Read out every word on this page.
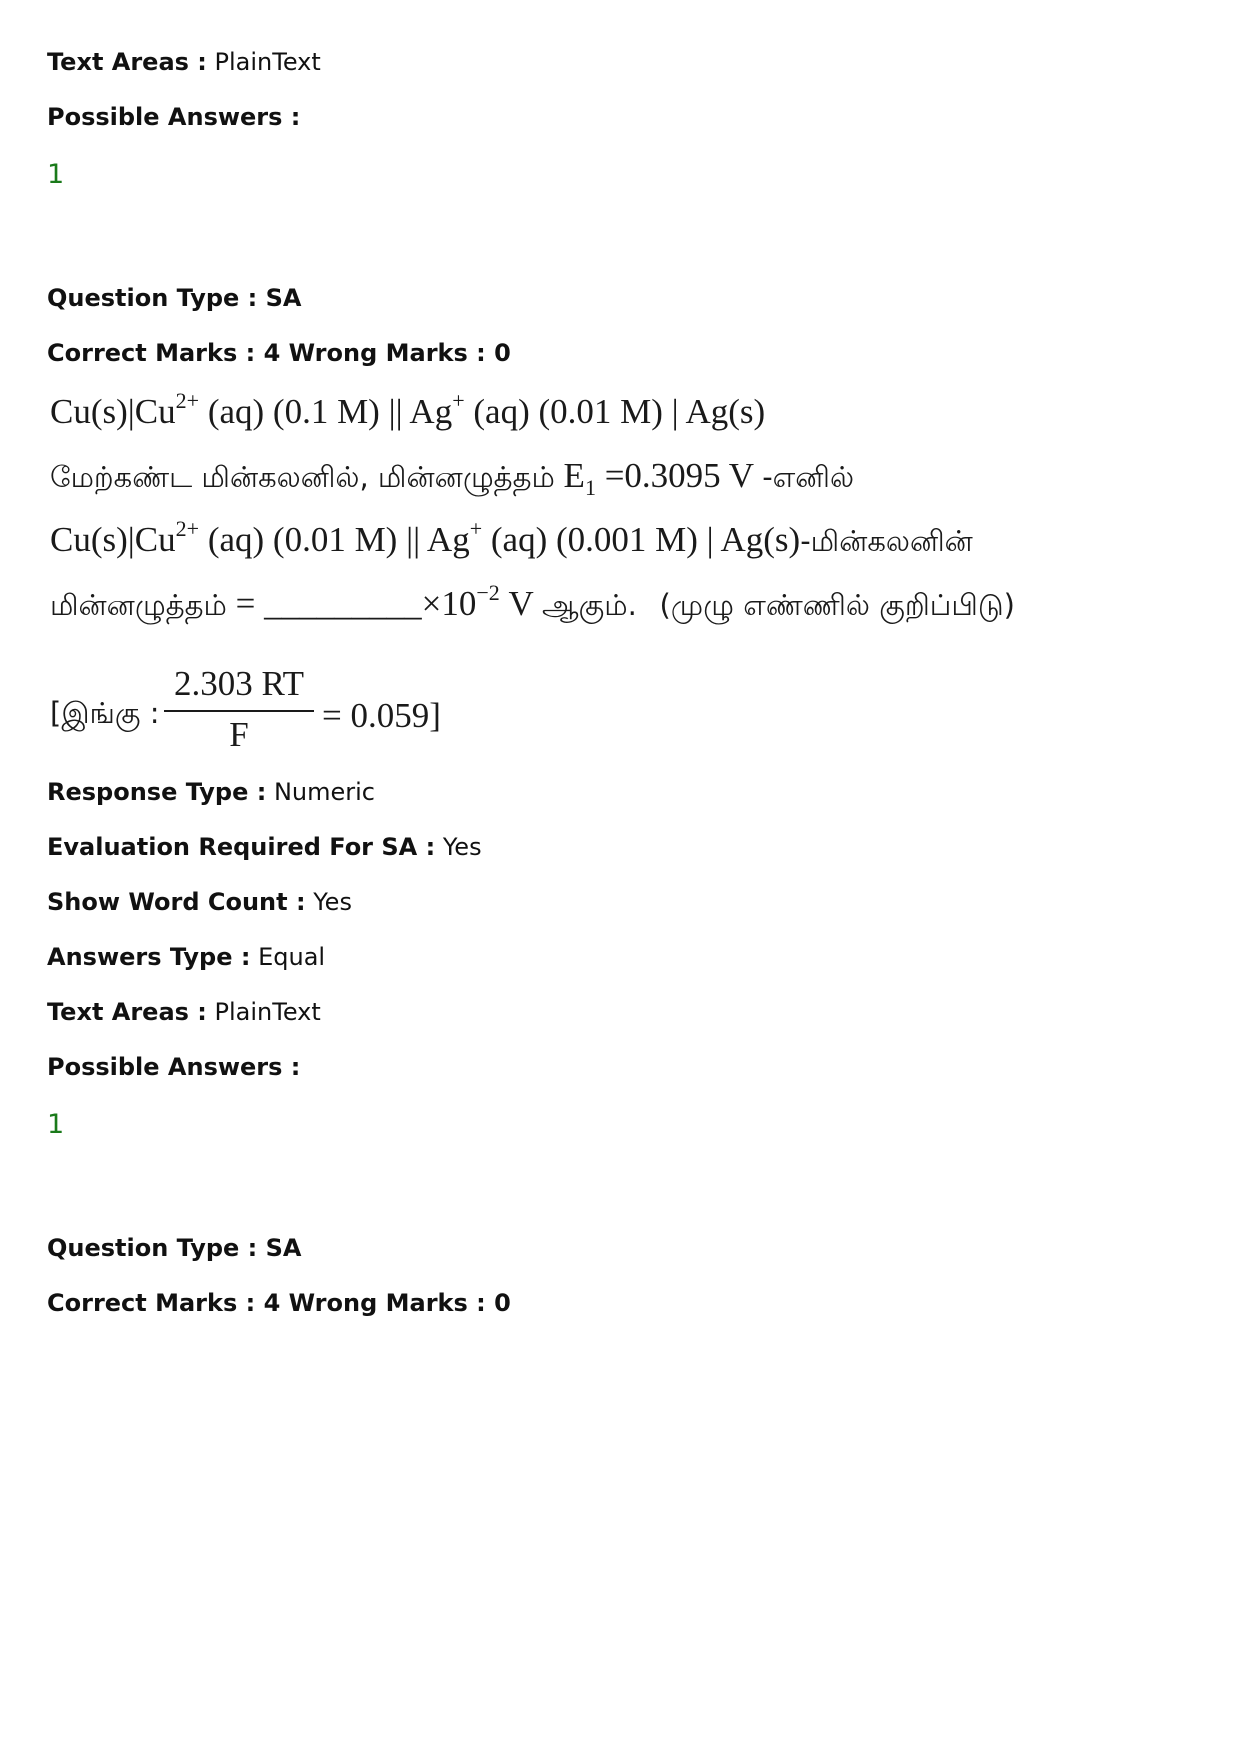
Text Areas : PlainText
Possible Answers :
1
Question Type : SA
Correct Marks : 4 Wrong Marks : 0
$Cu(s)|Cu^{2+}$ (aq) (0.1 M) || Ag+ (aq) (0.01 M) | Ag(s)
மேற்கண்ட மின்கலனில், மின்னழுத்தம் $E_1 =0.3095$ V -எனில்
$Cu(s)|Cu^{2+}$ (aq) (0.01 M) || Ag+ (aq) (0.001 M) | Ag(s)-மின்கலனின்
மின்னழுத்தம் = $\_\_\_\_\_\_\_\_\_\times 10^{-2}$ V ஆகும். (முழு எண்ணில் குறிப்பிடு)
[இங்கு :
2.303 RT
F	= 0.059]
Response Type : Numeric
Evaluation Required For SA : Yes
Show Word Count : Yes
Answers Type : Equal
Text Areas : PlainText
Possible Answers :
1
Question Type : SA
Correct Marks : 4 Wrong Marks : 0
